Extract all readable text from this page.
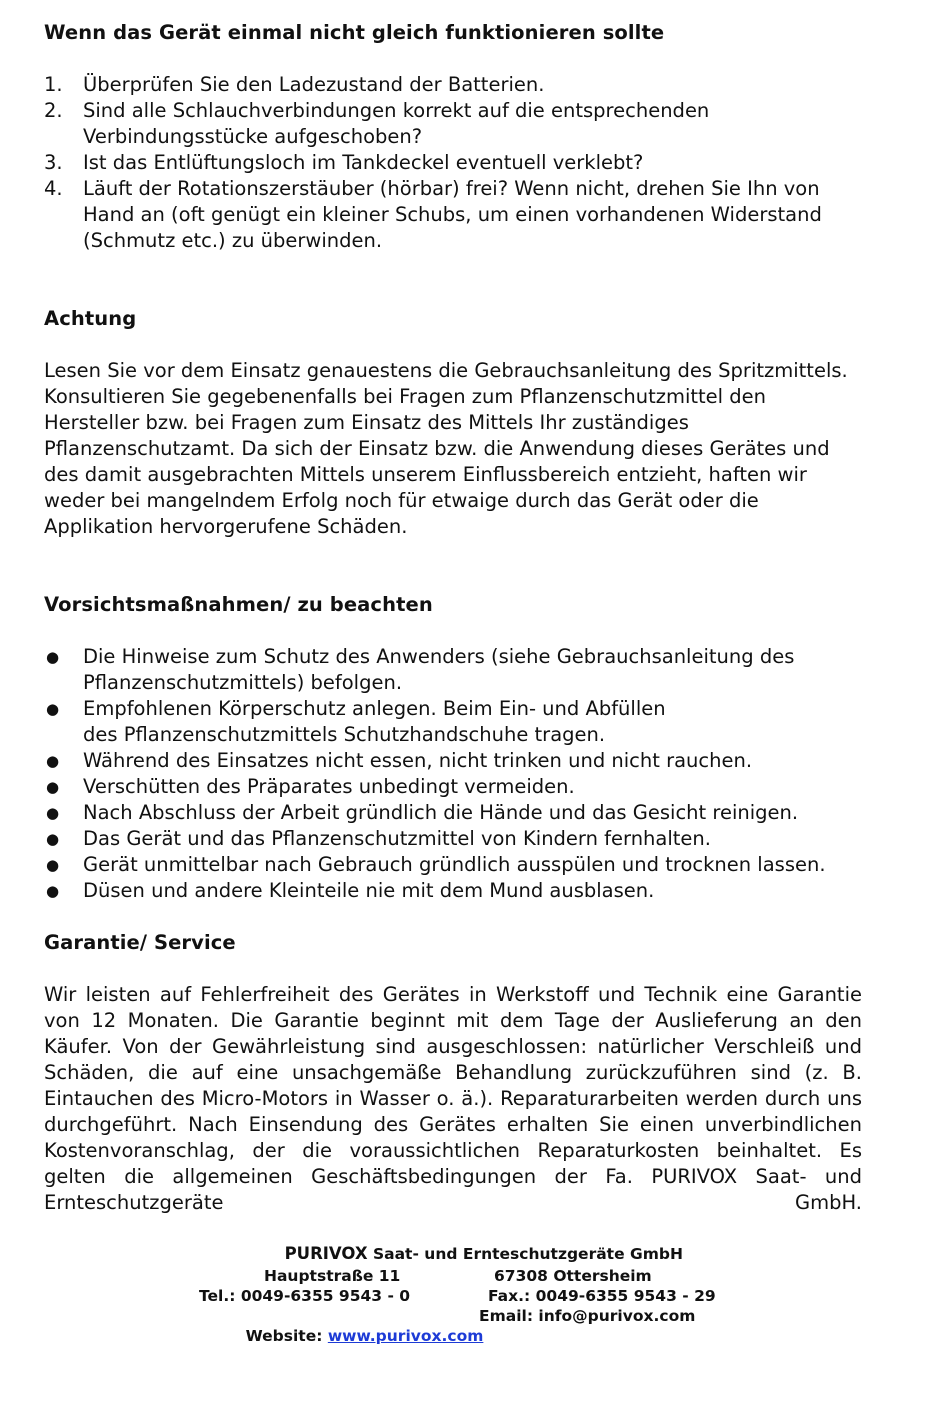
Wenn das Gerät einmal nicht gleich funktionieren sollte
1. Überprüfen Sie den Ladezustand der Batterien.
2. Sind alle Schlauchverbindungen korrekt auf die entsprechenden Verbindungsstücke aufgeschoben?
3. Ist das Entlüftungsloch im Tankdeckel eventuell verklebt?
4. Läuft der Rotationszerstäuber (hörbar) frei? Wenn nicht, drehen Sie Ihn von Hand an (oft genügt ein kleiner Schubs, um einen vorhandenen Widerstand (Schmutz etc.) zu überwinden.
Achtung

Lesen Sie vor dem Einsatz genauestens die Gebrauchsanleitung des Spritzmittels. Konsultieren Sie gegebenenfalls bei Fragen zum Pflanzenschutzmittel den Hersteller bzw. bei Fragen zum Einsatz des Mittels Ihr zuständiges Pflanzenschutzamt. Da sich der Einsatz bzw. die Anwendung dieses Gerätes und des damit ausgebrachten Mittels unserem Einflussbereich entzieht, haften wir weder bei mangelndem Erfolg noch für etwaige durch das Gerät oder die Applikation hervorgerufene Schäden.

Vorsichtsmaßnahmen/ zu beachten
● Die Hinweise zum Schutz des Anwenders (siehe Gebrauchsanleitung des Pflanzenschutzmittels) befolgen.
● Empfohlenen Körperschutz anlegen. Beim Ein- und Abfüllen des Pflanzenschutzmittels Schutzhandschuhe tragen.
● Während des Einsatzes nicht essen, nicht trinken und nicht rauchen.
● Verschütten des Präparates unbedingt vermeiden.
● Nach Abschluss der Arbeit gründlich die Hände und das Gesicht reinigen.
● Das Gerät und das Pflanzenschutzmittel von Kindern fernhalten.
● Gerät unmittelbar nach Gebrauch gründlich ausspülen und trocknen lassen.
● Düsen und andere Kleinteile nie mit dem Mund ausblasen.
Garantie/ Service

Wir leisten auf Fehlerfreiheit des Gerätes in Werkstoff und Technik eine Garantie von 12 Monaten. Die Garantie beginnt mit dem Tage der Auslieferung an den Käufer. Von der Gewährleistung sind ausgeschlossen: natürlicher Verschleiß und Schäden, die auf eine unsachgemäße Behandlung zurückzuführen sind (z. B. Eintauchen des Micro-Motors in Wasser o. ä.). Reparaturarbeiten werden durch uns durchgeführt. Nach Einsendung des Gerätes erhalten Sie einen unverbindlichen Kostenvoranschlag, der die voraussichtlichen Reparaturkosten beinhaltet. Es gelten die allgemeinen Geschäftsbedingungen der Fa. PURIVOX Saat- und Ernteschutzgeräte GmbH.

PURIVOX Saat- und Ernteschutzgeräte GmbH

Hauptstraße 11	67308 Ottersheim
Tel.: 0049-6355 9543 - 0	Fax.: 0049-6355 9543 - 29

Website: www.purivox.com

Email: info@purivox.com
